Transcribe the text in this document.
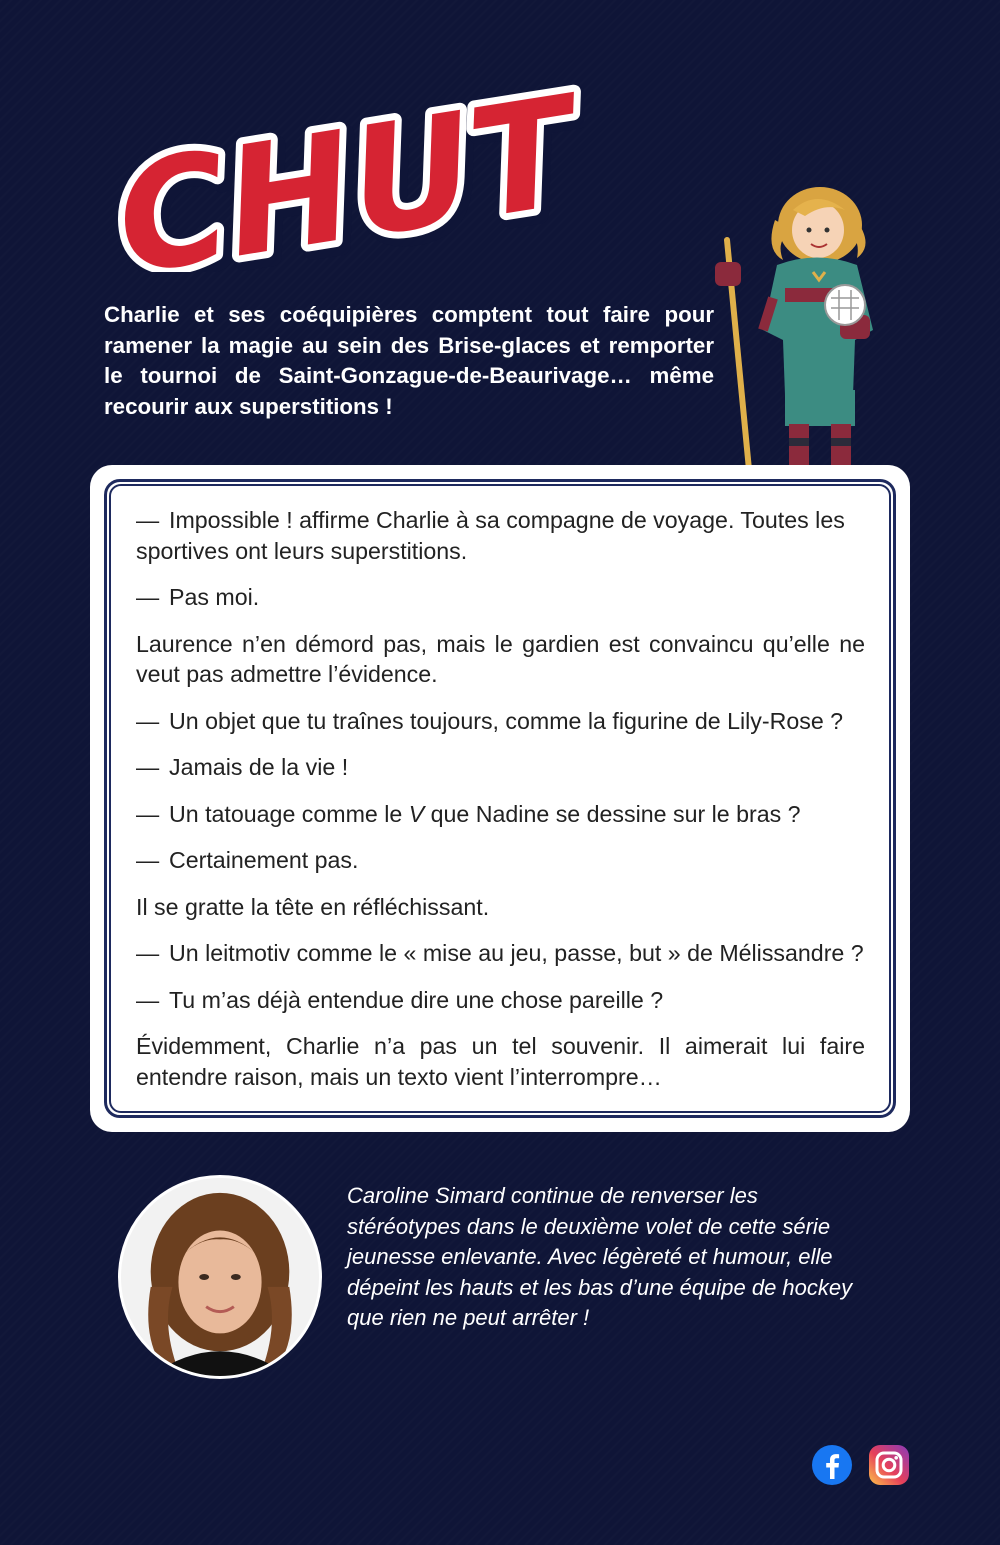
CHUT
CHUT
CHUT

Charlie et ses coéquipières comptent tout faire pour ramener la magie au sein des Brise-glaces et remporter le tournoi de Saint-Gonzague-de-Beaurivage… même recourir aux superstitions !

— Impossible ! affirme Charlie à sa compagne de voyage. Toutes les sportives ont leurs superstitions.

— Pas moi.

Laurence n’en démord pas, mais le gardien est convaincu qu’elle ne veut pas admettre l’évidence.

— Un objet que tu traînes toujours, comme la figurine de Lily-Rose ?

— Jamais de la vie !

— Un tatouage comme le V que Nadine se dessine sur le bras ?

— Certainement pas.

Il se gratte la tête en réfléchissant.

— Un leitmotiv comme le « mise au jeu, passe, but » de Mélissandre ?

— Tu m’as déjà entendue dire une chose pareille ?

Évidemment, Charlie n’a pas un tel souvenir. Il aimerait lui faire entendre raison, mais un texto vient l’interrompre…

Caroline Simard continue de renverser les stéréotypes dans le deuxième volet de cette série jeunesse enlevante. Avec légèreté et humour, elle dépeint les hauts et les bas d’une équipe de hockey que rien ne peut arrêter !
